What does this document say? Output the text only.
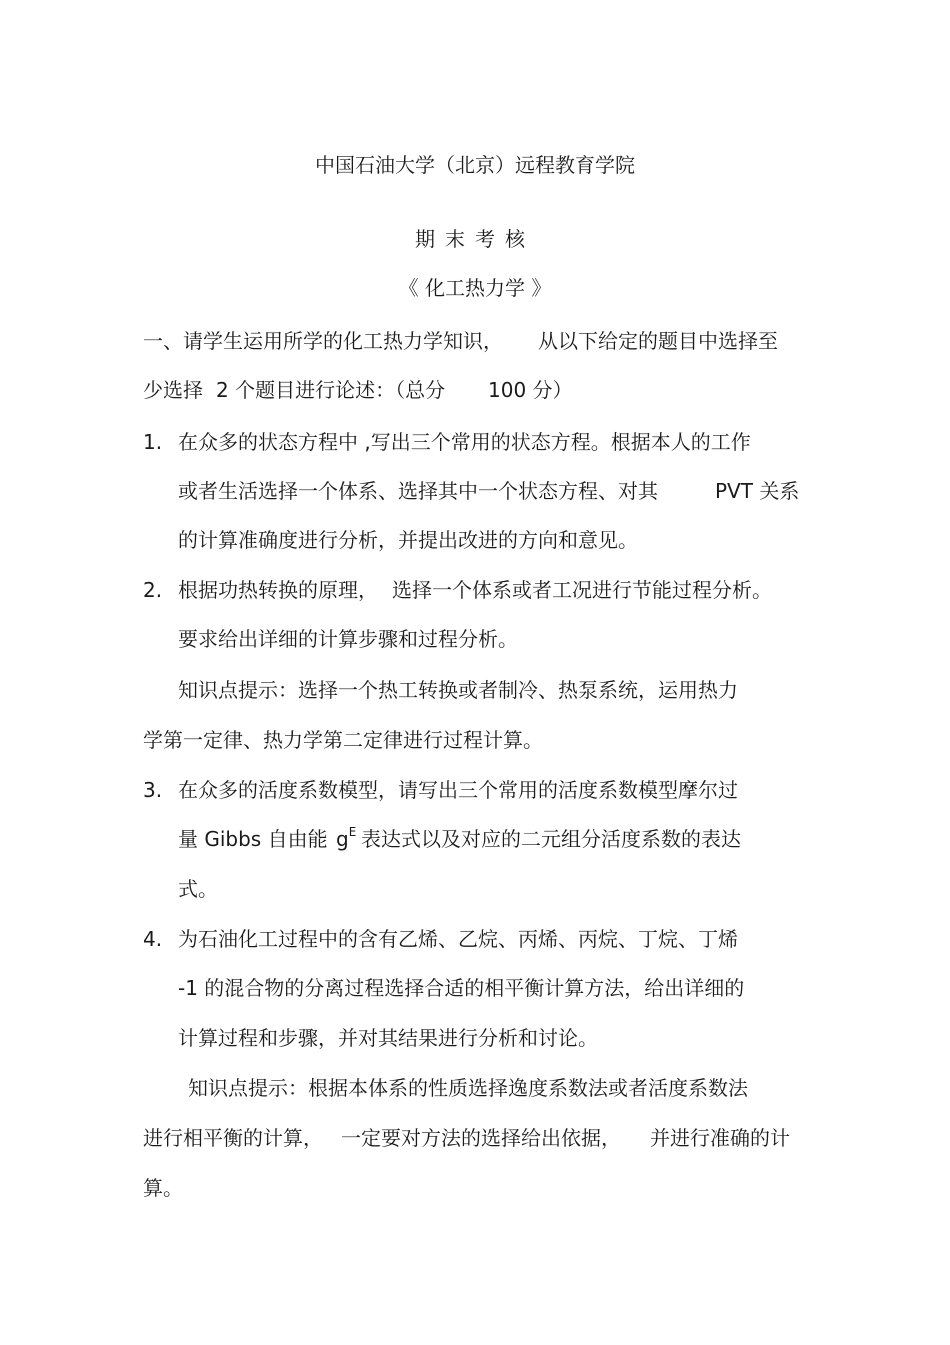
中国石油大学（北京）远程教育学院
期末考核
《 化工热力学 》
一、请学生运用所学的化工热力学知识， 从以下给定的题目中选择至
少选择 2 个题目进行论述：（总分 100 分）
1. 在众多的状态方程中 ,写出三个常用的状态方程。根据本人的工作
或者生活选择一个体系、选择其中一个状态方程、对其	PVT 关系
的计算准确度进行分析，并提出改进的方向和意见。
2. 根据功热转换的原理， 选择一个体系或者工况进行节能过程分析。
要求给出详细的计算步骤和过程分析。
知识点提示：选择一个热工转换或者制冷、热泵系统，运用热力
学第一定律、热力学第二定律进行过程计算。
3. 在众多的活度系数模型，请写出三个常用的活度系数模型摩尔过
量 Gibbs 自由能 $g^E$ 表达式以及对应的二元组分活度系数的表达
式。
4. 为石油化工过程中的含有乙烯、乙烷、丙烯、丙烷、丁烷、丁烯
-1 的混合物的分离过程选择合适的相平衡计算方法，给出详细的
计算过程和步骤，并对其结果进行分析和讨论。
知识点提示：根据本体系的性质选择逸度系数法或者活度系数法
进行相平衡的计算， 一定要对方法的选择给出依据， 并进行准确的计
算。
